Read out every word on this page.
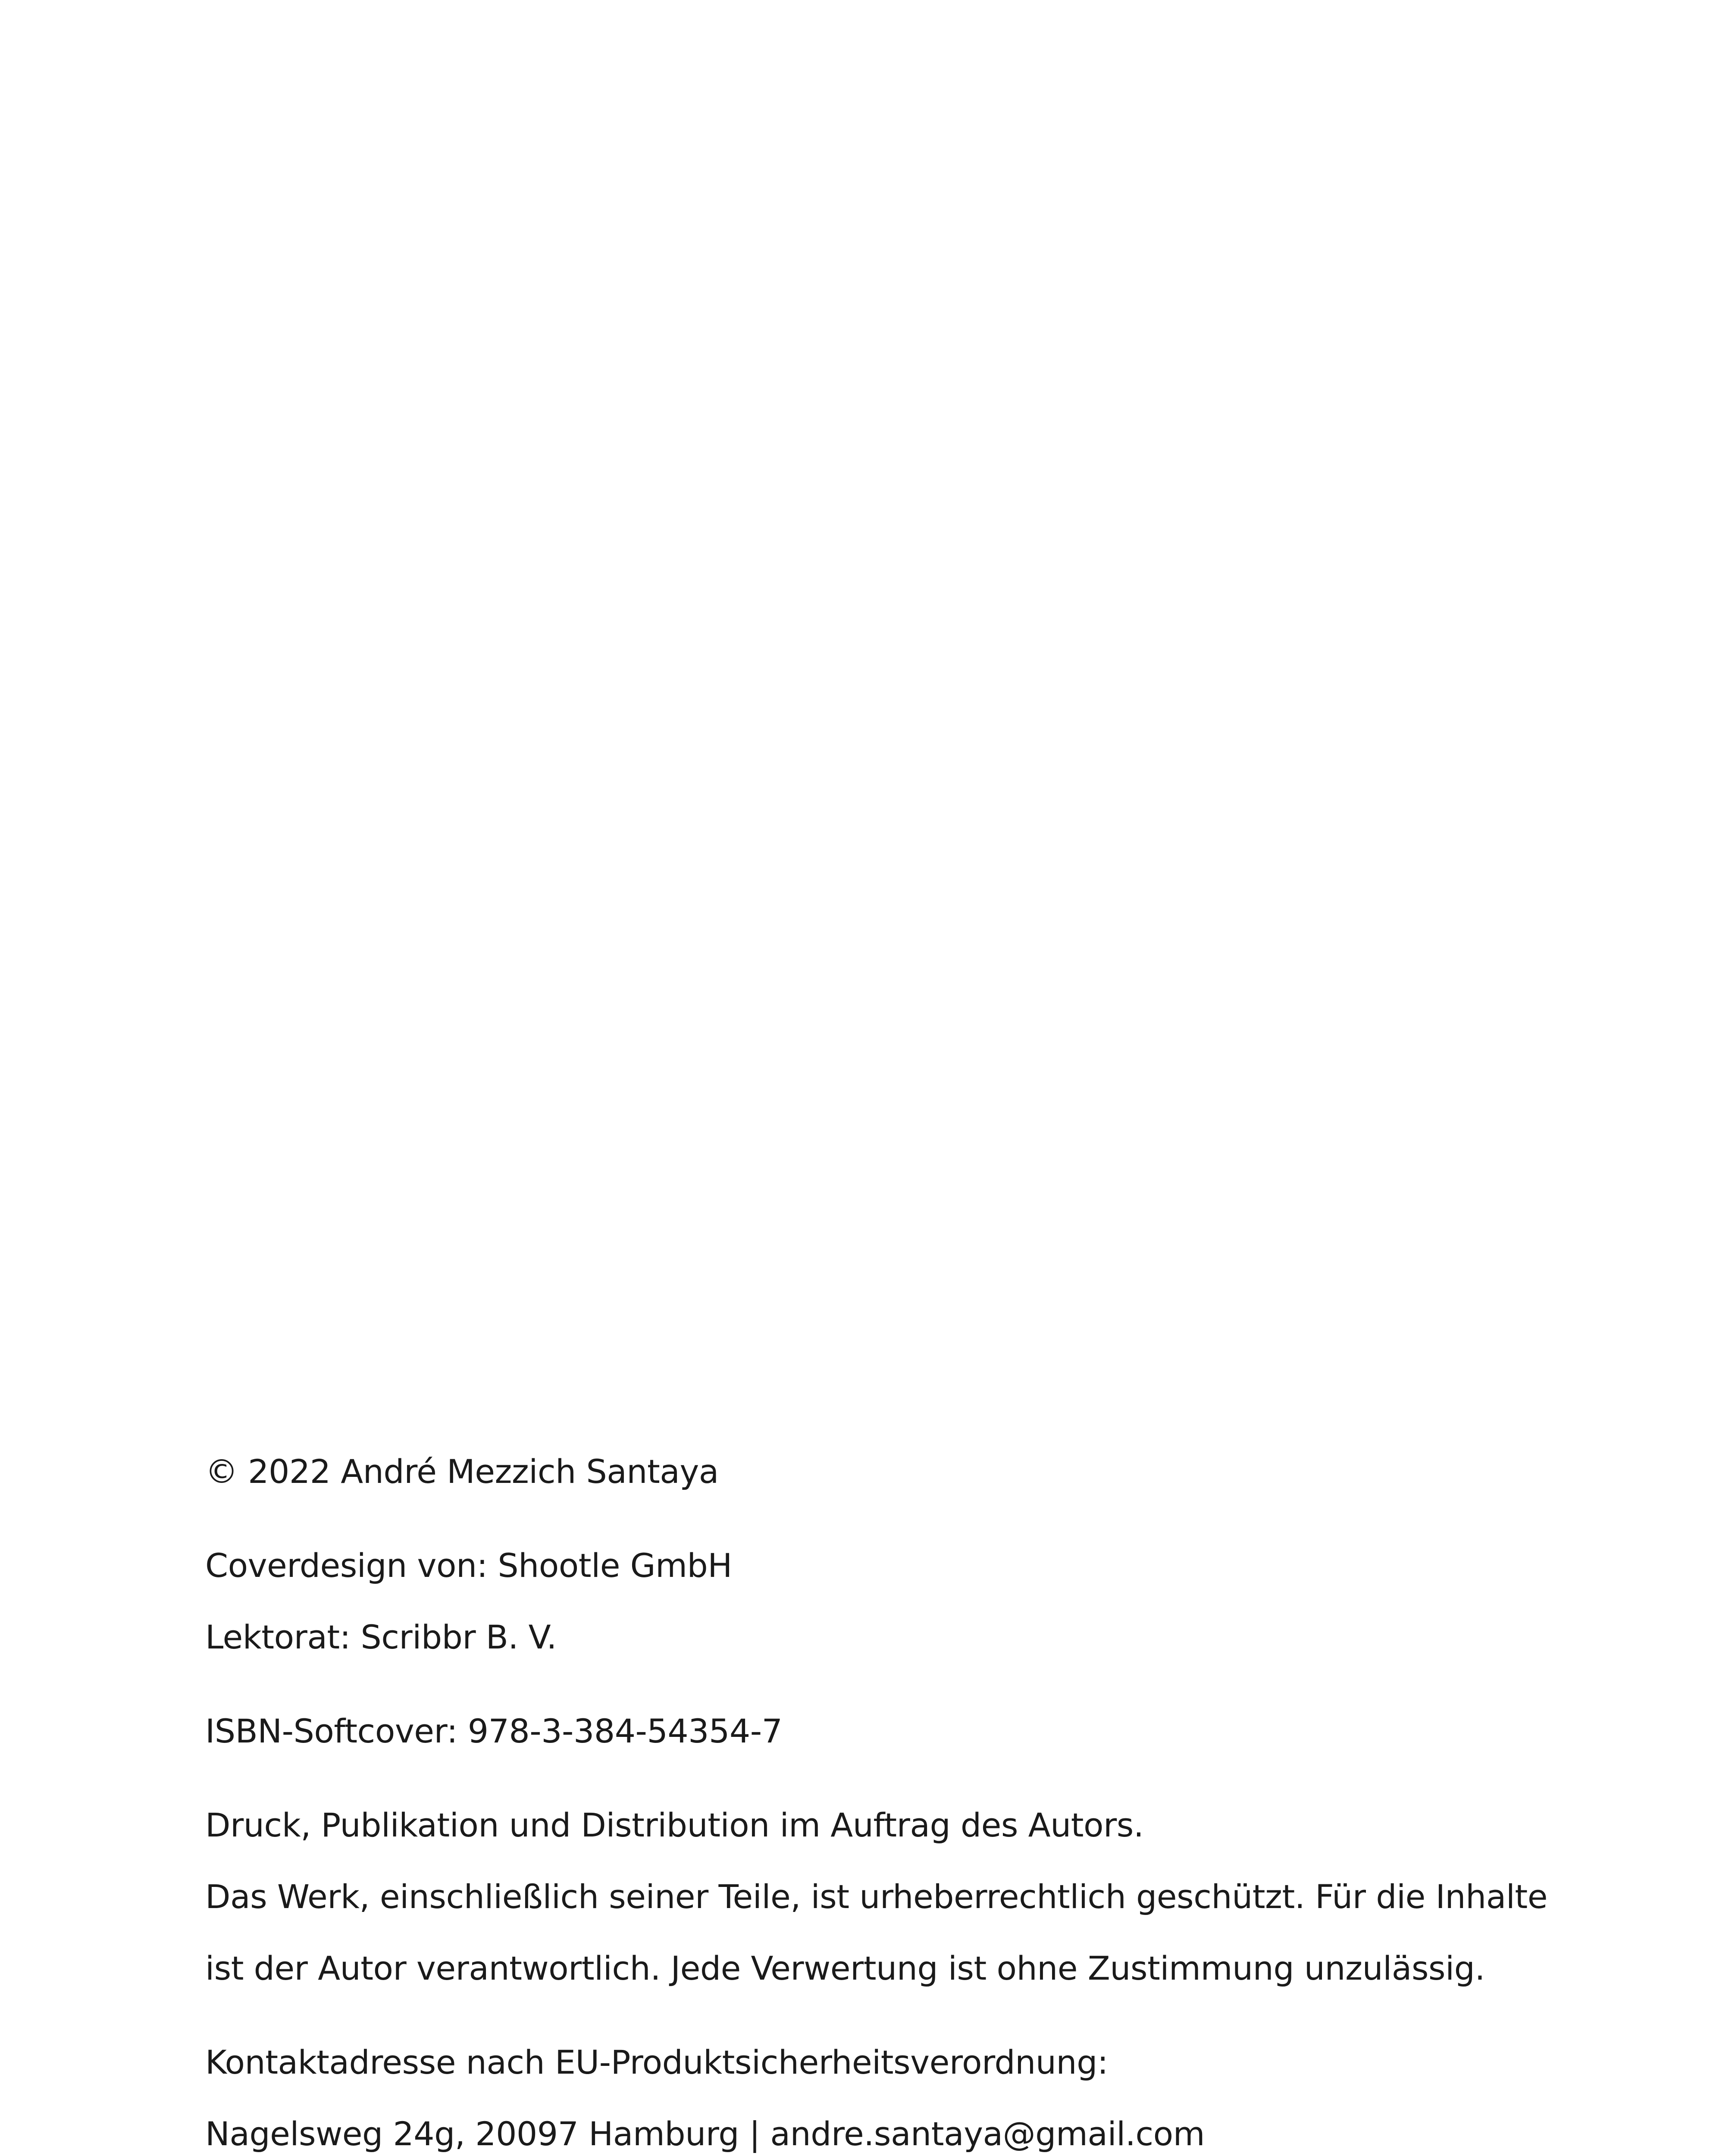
© 2022 André Mezzich Santaya
Coverdesign von: Shootle GmbH
Lektorat: Scribbr B. V.
ISBN-Softcover: 978-3-384-54354-7
Druck, Publikation und Distribution im Auftrag des Autors.
Das Werk, einschließlich seiner Teile, ist urheberrechtlich geschützt. Für die Inhalte
ist der Autor verantwortlich. Jede Verwertung ist ohne Zustimmung unzulässig.
Kontaktadresse nach EU-Produktsicherheitsverordnung:
Nagelsweg 24g, 20097 Hamburg | andre.santaya@gmail.com
